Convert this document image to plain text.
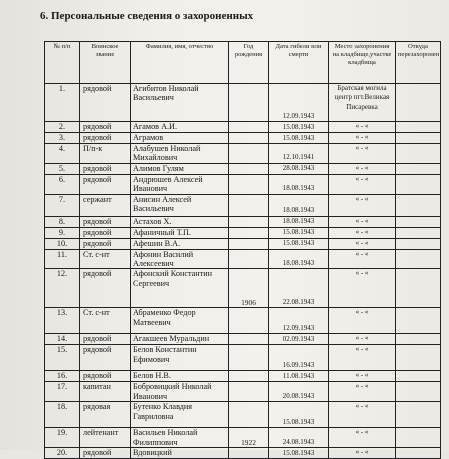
6. Персональные сведения о захороненных
№ п/п	Воинское звание	Фамилия, имя, отчество	Год рождения	Дата гибели или смерти	Место захоронения на кладбище,участке кладбища	Откуда перезахоронен
1.	рядовой	Агибитов Николай Васильевич		12.09.1943	Братская могила центр пгт.Великая Писаревка	
2.	рядовой	Агамов А.И.		15.08.1943	« - «	
3.	рядовой	Аграмов		15.08.1943	« - «	
4.	П/п-к	Алабушев Николай Михайлович		12.10.1941	« - «	
5.	рядовой	Алимов Гулям		28.08.1943	« - «	
6.	рядовой	Андрюшев Алексей Иванович		18.08.1943	« - «	
7.	сержант	Анисин Алексей Васильевич		18.08.1943	« - «	
8.	рядовой	Астахов Х.		18.08.1943	« - «	
9.	рядовой	Афаничный Т.П.		15.08.1943	« - «	
10.	рядовой	Афешин В.А.		15.08.1943	« - «	
11.	Ст. с-нт	Афонин Василий Алексеевич		18.08.1943	« - «	
12.	рядовой	Афонский Константин Сергеевич	1906	22.08.1943	« - «	
13.	Ст. с-нт	Абраменко Федор Матвеевич		12.09.1943	« - «	
14.	рядовой	Агакшеев Муральдин		02.09.1943	« - «	
15.	рядовой	Белов Константин Ефимович		16.09.1943	« - «	
16.	рядовой	Белов Н.В.		11.08.1943	« - «	
17.	капитан	Бобровицкий Николай Иванович		20.08.1943	« - «	
18.	рядовая	Бутенко Клавдия Гавриловна		15.08.1943	« - «	
19.	лейтенант	Васильев Николай Филиппович	1922	24.08.1943	« - «	
20.	рядовой	Вдовицкий		15.08.1943	« - «	
